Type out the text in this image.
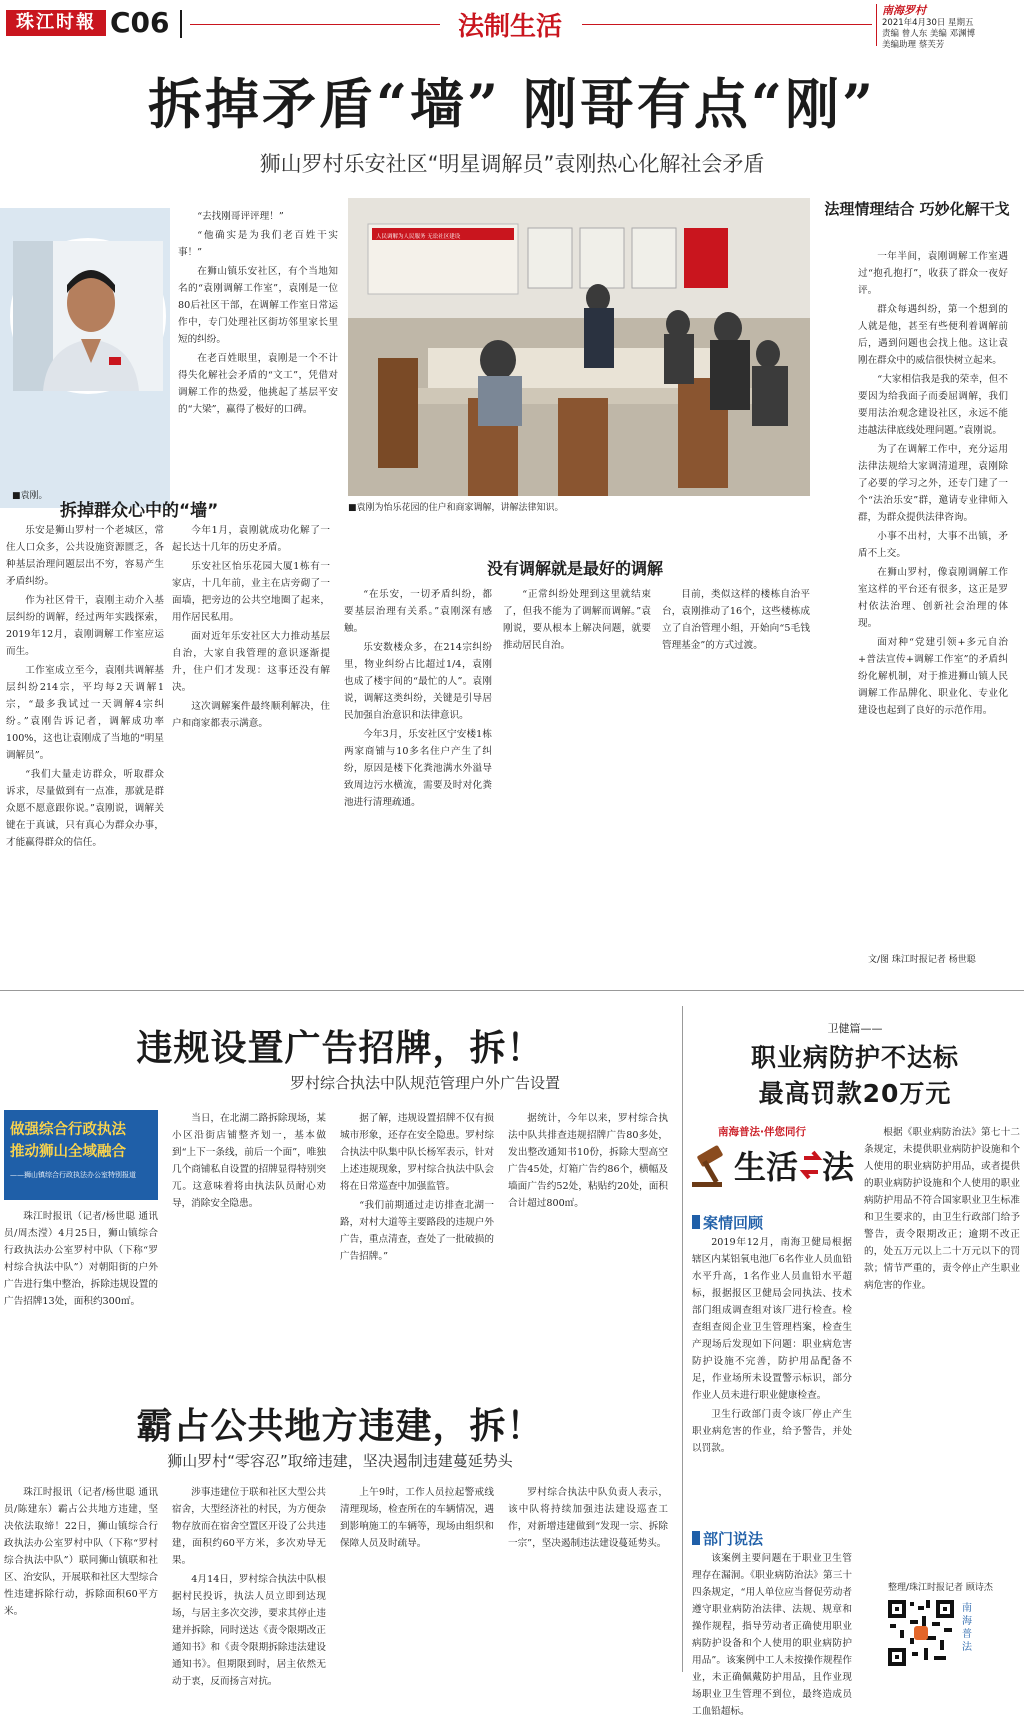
珠江时報 C06	法制生活
南海罗村
2021年4月30日 星期五
责编 曾人东 美编 邓渊博
美编助理 蔡芙芳
拆掉矛盾“墙” 刚哥有点“刚”
狮山罗村乐安社区“明星调解员”袁刚热心化解社会矛盾
■袁刚。

“去找刚哥评评理！”

“他确实是为我们老百姓干实事！”

在狮山镇乐安社区，有个当地知名的“袁刚调解工作室”，袁刚是一位80后社区干部，在调解工作室日常运作中，专门处理社区街坊邻里家长里短的纠纷。

在老百姓眼里，袁刚是一个不计得失化解社会矛盾的“文工”，凭借对调解工作的热爱，他挑起了基层平安的“大梁”，赢得了极好的口碑。

人民调解为人民服务 无讼社区建设
■袁刚为怡乐花园的住户和商家调解，讲解法律知识。
拆掉群众心中的“墙”

乐安是狮山罗村一个老城区，常住人口众多，公共设施资源匮乏，各种基层治理问题层出不穷，容易产生矛盾纠纷。

作为社区骨干，袁刚主动介入基层纠纷的调解，经过两年实践探索，2019年12月，袁刚调解工作室应运而生。

工作室成立至今，袁刚共调解基层纠纷214宗，平均每2天调解1宗，“最多我试过一天调解4宗纠纷。”袁刚告诉记者，调解成功率100%，这也让袁刚成了当地的“明星调解员”。

“我们大量走访群众，听取群众诉求，尽量做到有一点准，那就是群众愿不愿意跟你说。”袁刚说，调解关键在于真诚，只有真心为群众办事，才能赢得群众的信任。

今年1月，袁刚就成功化解了一起长达十几年的历史矛盾。

乐安社区怡乐花园大厦1栋有一家店，十几年前，业主在店旁砌了一面墙，把旁边的公共空地圈了起来，用作居民私用。

面对近年乐安社区大力推动基层自治，大家自我管理的意识逐渐提升，住户们才发现：这事还没有解决。

这次调解案件最终顺利解决，住户和商家都表示满意。

没有调解就是最好的调解

“在乐安，一切矛盾纠纷，都要基层治理有关系。”袁刚深有感触。

乐安数楼众多，在214宗纠纷里，物业纠纷占比超过1/4，袁刚也成了楼宇间的“最忙的人”。袁刚说，调解这类纠纷，关键是引导居民加强自治意识和法律意识。

今年3月，乐安社区宁安楼1栋两家商铺与10多名住户产生了纠纷，原因是楼下化粪池满水外溢导致周边污水横流，需要及时对化粪池进行清理疏通。

“正常纠纷处理到这里就结束了，但我不能为了调解而调解。”袁刚说，要从根本上解决问题，就要推动居民自治。

目前，类似这样的楼栋自治平台，袁刚推动了16个，这些楼栋成立了自治管理小组，开始向“5毛钱管理基金”的方式过渡。

法理情理结合 巧妙化解干戈

一年半间，袁刚调解工作室遇过“抱孔抱打”，收获了群众一夜好评。

群众每遇纠纷，第一个想到的人就是他，甚至有些便利着调解前后，遇到问题也会找上他。这让袁刚在群众中的威信很快树立起来。

“大家相信我是我的荣幸，但不要因为给我面子而委屈调解，我们要用法治观念建设社区，永远不能违越法律底线处理问题。”袁刚说。

为了在调解工作中，充分运用法律法规给大家调清道理，袁刚除了必要的学习之外，还专门建了一个“法治乐安”群，邀请专业律师入群，为群众提供法律咨询。

小事不出村，大事不出镇，矛盾不上交。

在狮山罗村，像袁刚调解工作室这样的平台还有很多，这正是罗村依法治理、创新社会治理的体现。

面对种“党建引领+多元自治+普法宣传+调解工作室”的矛盾纠纷化解机制，对于推进狮山镇人民调解工作品牌化、职业化、专业化建设也起到了良好的示范作用。

文/图 珠江时报记者 杨世聪
违规设置广告招牌，拆！
罗村综合执法中队规范管理户外广告设置
做强综合行政执法
推动狮山全域融合
——狮山镇综合行政执法办公室特别报道

珠江时报讯（记者/杨世聪 通讯员/周杰滢）4月25日，狮山镇综合行政执法办公室罗村中队（下称“罗村综合执法中队”）对朝阳街的户外广告进行集中整治，拆除违规设置的广告招牌13处，面积约300㎡。

当日，在北湖二路拆除现场，某小区沿街店铺整齐划一，基本做到“上下一条线，前后一个面”，唯独几个商铺私自设置的招牌显得特别突兀。这意味着将由执法队员耐心劝导，消除安全隐患。

据了解，违规设置招牌不仅有损城市形象，还存在安全隐患。罗村综合执法中队集中队长杨军表示，针对上述违规现象，罗村综合执法中队会将在日常巡查中加强监管。

“我们前期通过走访排查北湖一路，对村大道等主要路段的违规户外广告，重点清查，查处了一批破损的广告招牌。”

据统计，今年以来，罗村综合执法中队共排查违规招牌广告80多处，发出整改通知书10份，拆除大型高空广告45处，灯箱广告约86个，横幅及墙面广告约52处，粘贴约20处，面积合计超过800㎡。

霸占公共地方违建，拆！
狮山罗村“零容忍”取缔违建，坚决遏制违建蔓延势头

珠江时报讯（记者/杨世聪 通讯员/陈建东）霸占公共地方违建，坚决依法取缔！22日，狮山镇综合行政执法办公室罗村中队（下称“罗村综合执法中队”）联同狮山镇联和社区、治安队，开展联和社区大型综合性违建拆除行动，拆除面积60平方米。

涉事违建位于联和社区大型公共宿舍，大型经济社的村民，为方便杂物存放而在宿舍空置区开设了公共违建，面积约60平方米，多次劝导无果。

4月14日，罗村综合执法中队根据村民投诉，执法人员立即到达现场，与居主多次交涉，要求其停止违建并拆除，同时送达《责令限期改正通知书》和《责令限期拆除违法建设通知书》。但期限到时，居主依然无动于衷，反而扬言对抗。

上午9时，工作人员拉起警戒线清理现场，检查所在的车辆情况，遇到影响施工的车辆等，现场由组织和保障人员及时疏导。

罗村综合执法中队负责人表示，该中队将持续加强违法建设巡查工作，对新增违建做到“发现一宗、拆除一宗”，坚决遏制违法建设蔓延势头。

卫健篇——
职业病防护不达标
最高罚款20万元
南海普法·伴您同行
生活 法
案情回顾

2019年12月，南海卫健局根据辖区内某铝氧电池厂6名作业人员血铅水平升高，1名作业人员血铅水平超标，报据报区卫健局会同执法、技术部门组成调查组对该厂进行检查。检查组查阅企业卫生管理档案，检查生产现场后发现如下问题：职业病危害防护设施不完善，防护用品配备不足，作业场所未设置警示标识，部分作业人员未进行职业健康检查。

卫生行政部门责令该厂停止产生职业病危害的作业，给予警告，并处以罚款。

部门说法

该案例主要问题在于职业卫生管理存在漏洞。《职业病防治法》第三十四条规定，“用人单位应当督促劳动者遵守职业病防治法律、法规、规章和操作规程，指导劳动者正确使用职业病防护设备和个人使用的职业病防护用品”。该案例中工人未按操作规程作业，未正确佩戴防护用品，且作业现场职业卫生管理不到位，最终造成员工血铅超标。

根据《职业病防治法》第七十二条规定，未提供职业病防护设施和个人使用的职业病防护用品，或者提供的职业病防护设施和个人使用的职业病防护用品不符合国家职业卫生标准和卫生要求的，由卫生行政部门给予警告，责令限期改正；逾期不改正的，处五万元以上二十万元以下的罚款；情节严重的，责令停止产生职业病危害的作业。

整理/珠江时报记者 顾诗杰
南海普法
